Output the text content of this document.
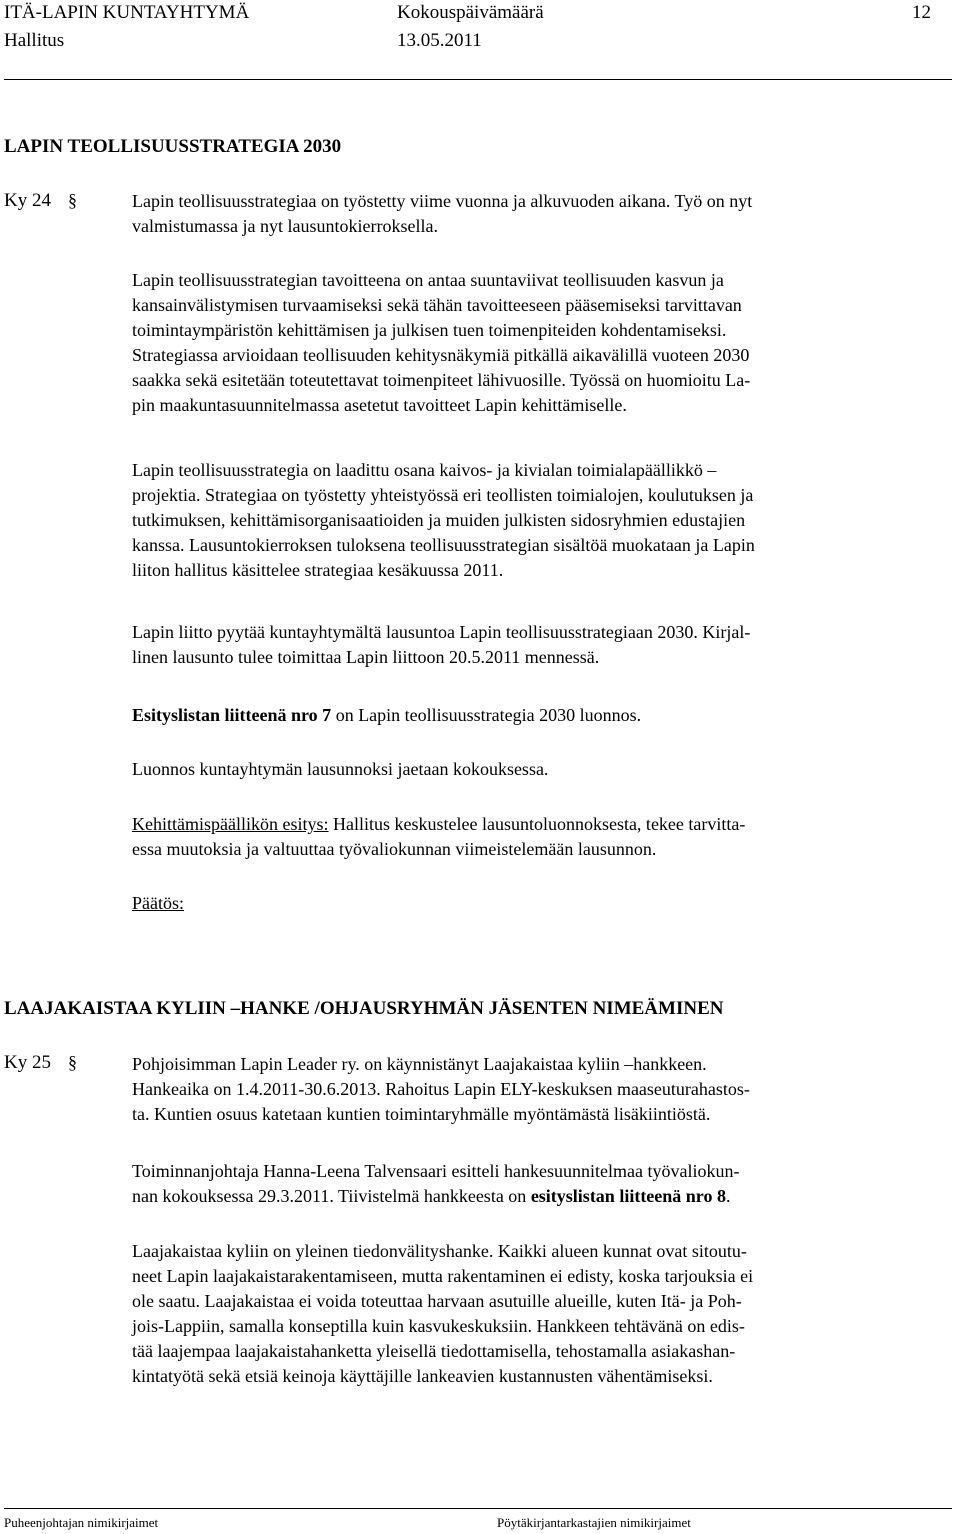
ITÄ-LAPIN KUNTAYHTYMÄ	Kokouspäivämäärä	12
Hallitus	13.05.2011
LAPIN TEOLLISUUSSTRATEGIA 2030
Ky 24 §	Lapin teollisuusstrategiaa on työstetty viime vuonna ja alkuvuoden aikana. Työ on nyt
valmistumassa ja nyt lausuntokierroksella.
Lapin teollisuusstrategian tavoitteena on antaa suuntaviivat teollisuuden kasvun ja
kansainvälistymisen turvaamiseksi sekä tähän tavoitteeseen pääsemiseksi tarvittavan
toimintaympäristön kehittämisen ja julkisen tuen toimenpiteiden kohdentamiseksi.
Strategiassa arvioidaan teollisuuden kehitysnäkymiä pitkällä aikavälillä vuoteen 2030
saakka sekä esitetään toteutettavat toimenpiteet lähivuosille. Työssä on huomioitu La-
pin maakuntasuunnitelmassa asetetut tavoitteet Lapin kehittämiselle.
Lapin teollisuusstrategia on laadittu osana kaivos- ja kivialan toimialapäällikkö –
projektia. Strategiaa on työstetty yhteistyössä eri teollisten toimialojen, koulutuksen ja
tutkimuksen, kehittämisorganisaatioiden ja muiden julkisten sidosryhmien edustajien
kanssa. Lausuntokierroksen tuloksena teollisuusstrategian sisältöä muokataan ja Lapin
liiton hallitus käsittelee strategiaa kesäkuussa 2011.
Lapin liitto pyytää kuntayhtymältä lausuntoa Lapin teollisuusstrategiaan 2030. Kirjal-
linen lausunto tulee toimittaa Lapin liittoon 20.5.2011 mennessä.
Esityslistan liitteenä nro 7 on Lapin teollisuusstrategia 2030 luonnos.
Luonnos kuntayhtymän lausunnoksi jaetaan kokouksessa.
Kehittämispäällikön esitys: Hallitus keskustelee lausuntoluonnoksesta, tekee tarvitta-
essa muutoksia ja valtuuttaa työvaliokunnan viimeistelemään lausunnon.
Päätös:
LAAJAKAISTAA KYLIIN –HANKE /OHJAUSRYHMÄN JÄSENTEN NIMEÄMINEN
Ky 25 §	Pohjoisimman Lapin Leader ry. on käynnistänyt Laajakaistaa kyliin –hankkeen.
Hankeaika on 1.4.2011-30.6.2013. Rahoitus Lapin ELY-keskuksen maaseuturahastos-
ta. Kuntien osuus katetaan kuntien toimintaryhmälle myöntämästä lisäkiintiöstä.
Toiminnanjohtaja Hanna-Leena Talvensaari esitteli hankesuunnitelmaa työvaliokun-
nan kokouksessa 29.3.2011. Tiivistelmä hankkeesta on esityslistan liitteenä nro 8.
Laajakaistaa kyliin on yleinen tiedonvälityshanke. Kaikki alueen kunnat ovat sitoutu-
neet Lapin laajakaistarakentamiseen, mutta rakentaminen ei edisty, koska tarjouksia ei
ole saatu. Laajakaistaa ei voida toteuttaa harvaan asutuille alueille, kuten Itä- ja Poh-
jois-Lappiin, samalla konseptilla kuin kasvukeskuksiin. Hankkeen tehtävänä on edis-
tää laajempaa laajakaistahanketta yleisellä tiedottamisella, tehostamalla asiakashan-
kintatyötä sekä etsiä keinoja käyttäjille lankeavien kustannusten vähentämiseksi.
Puheenjohtajan nimikirjaimet	Pöytäkirjantarkastajien nimikirjaimet
